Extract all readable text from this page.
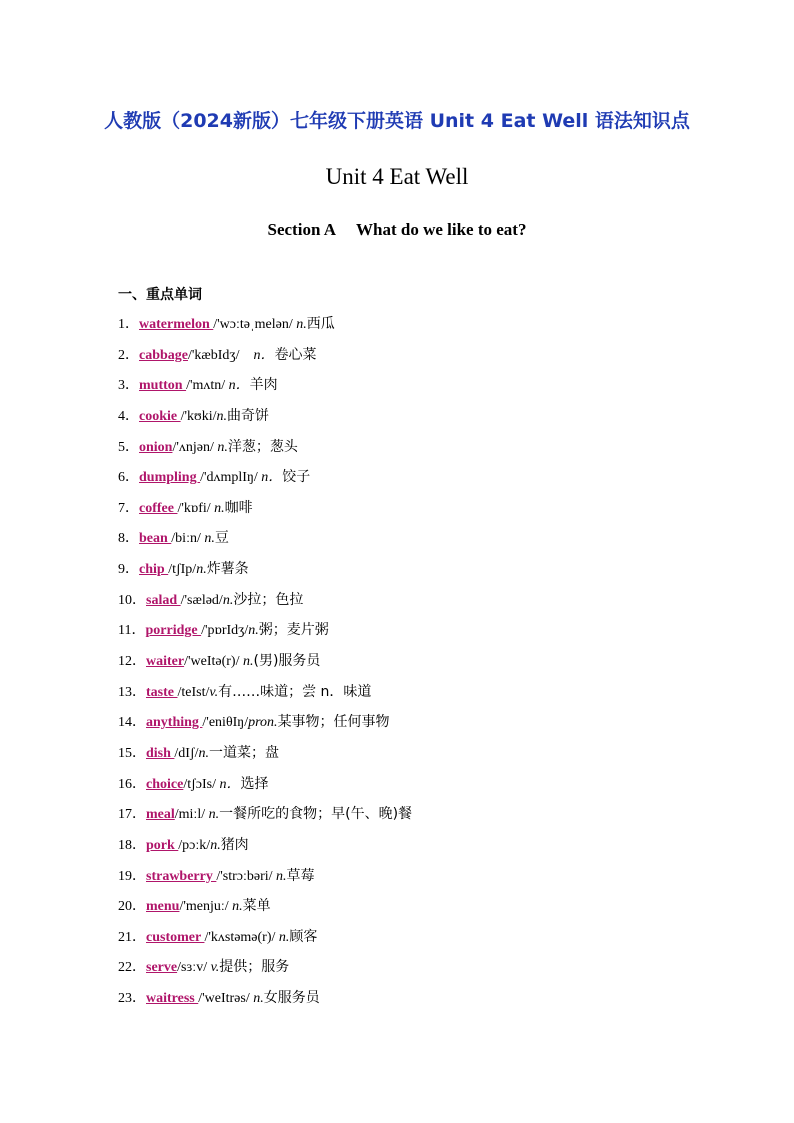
人教版（2024新版）七年级下册英语 Unit 4 Eat Well 语法知识点
Unit 4 Eat Well
Section A What do we like to eat?
一、重点单词
1．watermelon /'wɔːtəˌmelən/ n.西瓜
2．cabbage/'kæbIdʒ/　n．卷心菜
3．mutton /'mʌtn/ n．羊肉
4．cookie /'kʊki/n.曲奇饼
5．onion/'ʌnjən/ n.洋葱；葱头
6．dumpling /'dʌmplIŋ/ n．饺子
7．coffee /'kɒfi/ n.咖啡
8．bean /biːn/ n.豆
9．chip /tʃIp/n.炸薯条
10．salad /'sæləd/n.沙拉；色拉
11．porridge /'pɒrIdʒ/n.粥；麦片粥
12．waiter/'weItə(r)/ n.(男)服务员
13．taste /teIst/v.有……味道；尝 n．味道
14．anything /'eniθIŋ/pron.某事物；任何事物
15．dish /dIʃ/n.一道菜；盘
16．choice/tʃɔIs/ n．选择
17．meal/miːl/ n.一餐所吃的食物；早(午、晚)餐
18．pork /pɔːk/n.猪肉
19．strawberry /'strɔːbəri/ n.草莓
20．menu/'menjuː/ n.菜单
21．customer /'kʌstəmə(r)/ n.顾客
22．serve/sɜːv/ v.提供；服务
23．waitress /'weItrəs/ n.女服务员
